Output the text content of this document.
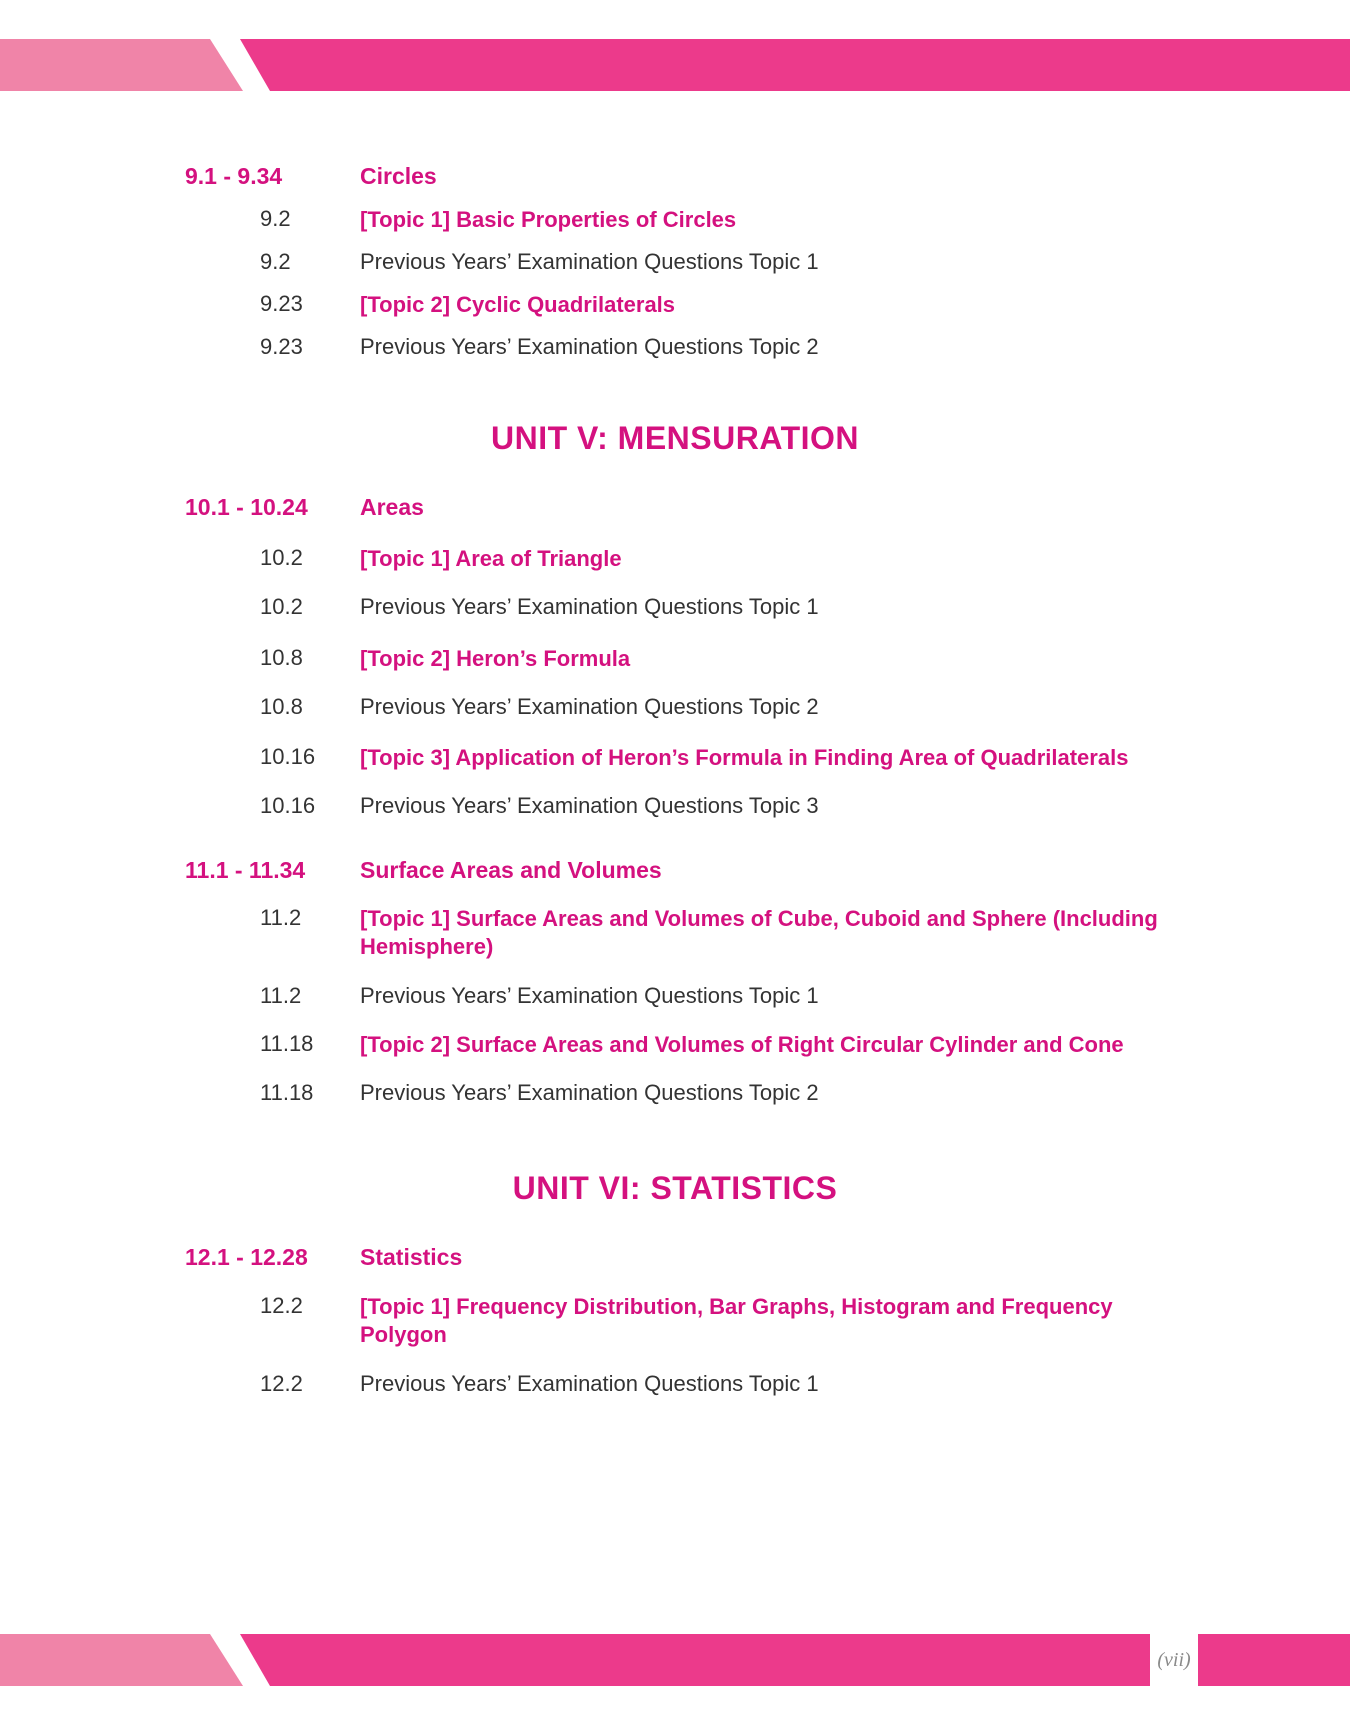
9.1 - 9.34	Circles
9.2	[Topic 1] Basic Properties of Circles
9.2	Previous Years’ Examination Questions Topic 1
9.23	[Topic 2] Cyclic Quadrilaterals
9.23	Previous Years’ Examination Questions Topic 2
UNIT V: MENSURATION
10.1 - 10.24 Areas
10.2	[Topic 1] Area of Triangle
10.2	Previous Years’ Examination Questions Topic 1
10.8	[Topic 2] Heron’s Formula
10.8	Previous Years’ Examination Questions Topic 2
10.16 [Topic 3] Application of Heron’s Formula in Finding Area of Quadrilaterals
10.16 Previous Years’ Examination Questions Topic 3
11.1 - 11.34 Surface Areas and Volumes
11.2	[Topic 1] Surface Areas and Volumes of Cube, Cuboid and Sphere (Including Hemisphere)
11.2	Previous Years’ Examination Questions Topic 1
11.18 [Topic 2] Surface Areas and Volumes of Right Circular Cylinder and Cone
11.18 Previous Years’ Examination Questions Topic 2
UNIT VI: STATISTICS
12.1 - 12.28 Statistics
12.2	[Topic 1] Frequency Distribution, Bar Graphs, Histogram and Frequency Polygon
12.2	Previous Years’ Examination Questions Topic 1
(vii)
